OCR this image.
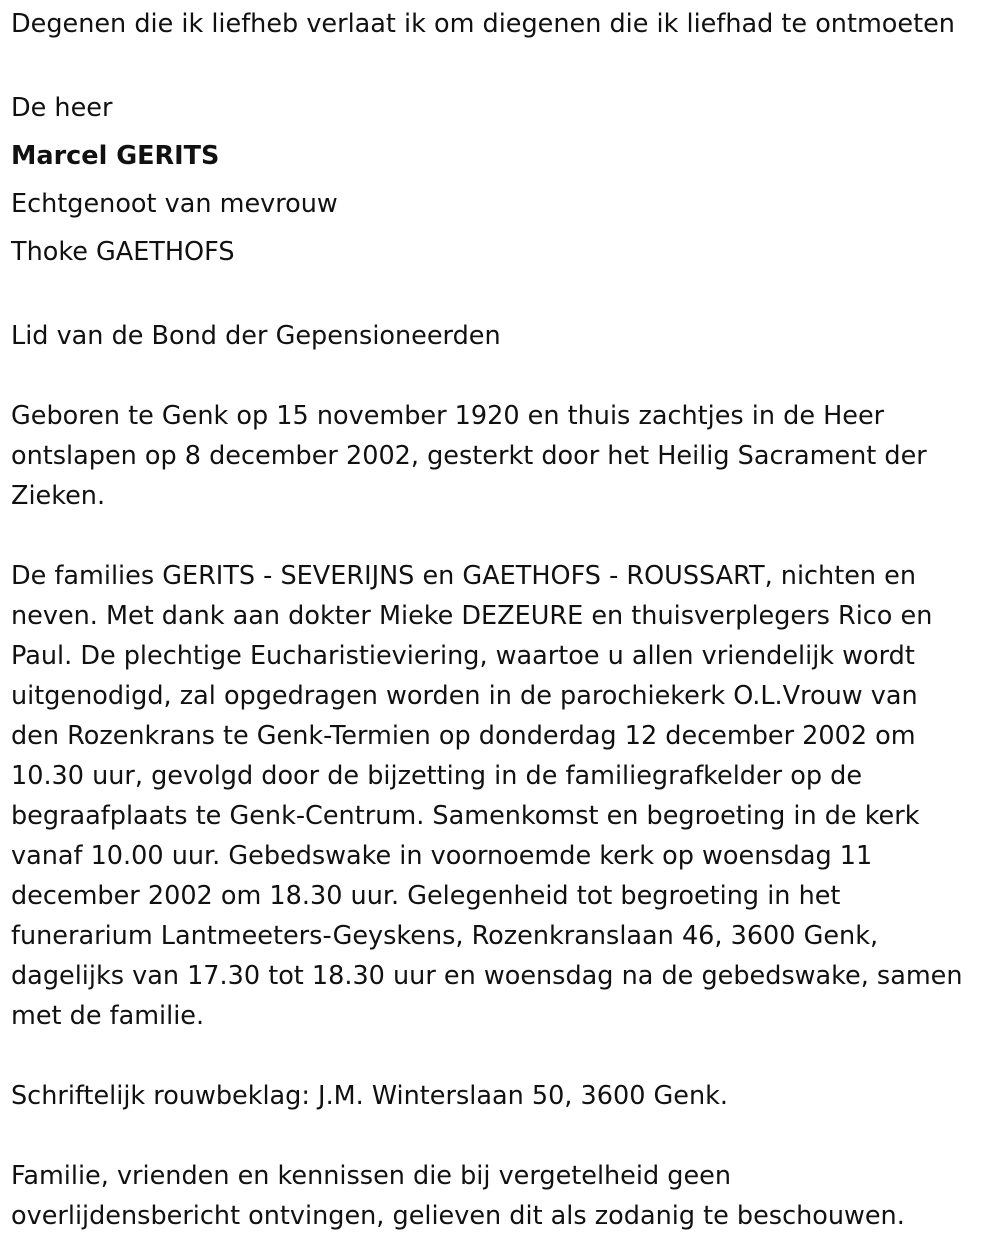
Degenen die ik liefheb verlaat ik om diegenen die ik liefhad te ontmoeten

De heer

Marcel GERITS

Echtgenoot van mevrouw

Thoke GAETHOFS

Lid van de Bond der Gepensioneerden

Geboren te Genk op 15 november 1920 en thuis zachtjes in de Heer

ontslapen op 8 december 2002, gesterkt door het Heilig Sacrament der

Zieken.

De families GERITS - SEVERIJNS en GAETHOFS - ROUSSART, nichten en

neven. Met dank aan dokter Mieke DEZEURE en thuisverplegers Rico en

Paul. De plechtige Eucharistieviering, waartoe u allen vriendelijk wordt

uitgenodigd, zal opgedragen worden in de parochiekerk O.L.Vrouw van

den Rozenkrans te Genk-Termien op donderdag 12 december 2002 om

10.30 uur, gevolgd door de bijzetting in de familiegrafkelder op de

begraafplaats te Genk-Centrum. Samenkomst en begroeting in de kerk

vanaf 10.00 uur. Gebedswake in voornoemde kerk op woensdag 11

december 2002 om 18.30 uur. Gelegenheid tot begroeting in het

funerarium Lantmeeters-Geyskens, Rozenkranslaan 46, 3600 Genk,

dagelijks van 17.30 tot 18.30 uur en woensdag na de gebedswake, samen

met de familie.

Schriftelijk rouwbeklag: J.M. Winterslaan 50, 3600 Genk.

Familie, vrienden en kennissen die bij vergetelheid geen

overlijdensbericht ontvingen, gelieven dit als zodanig te beschouwen.
